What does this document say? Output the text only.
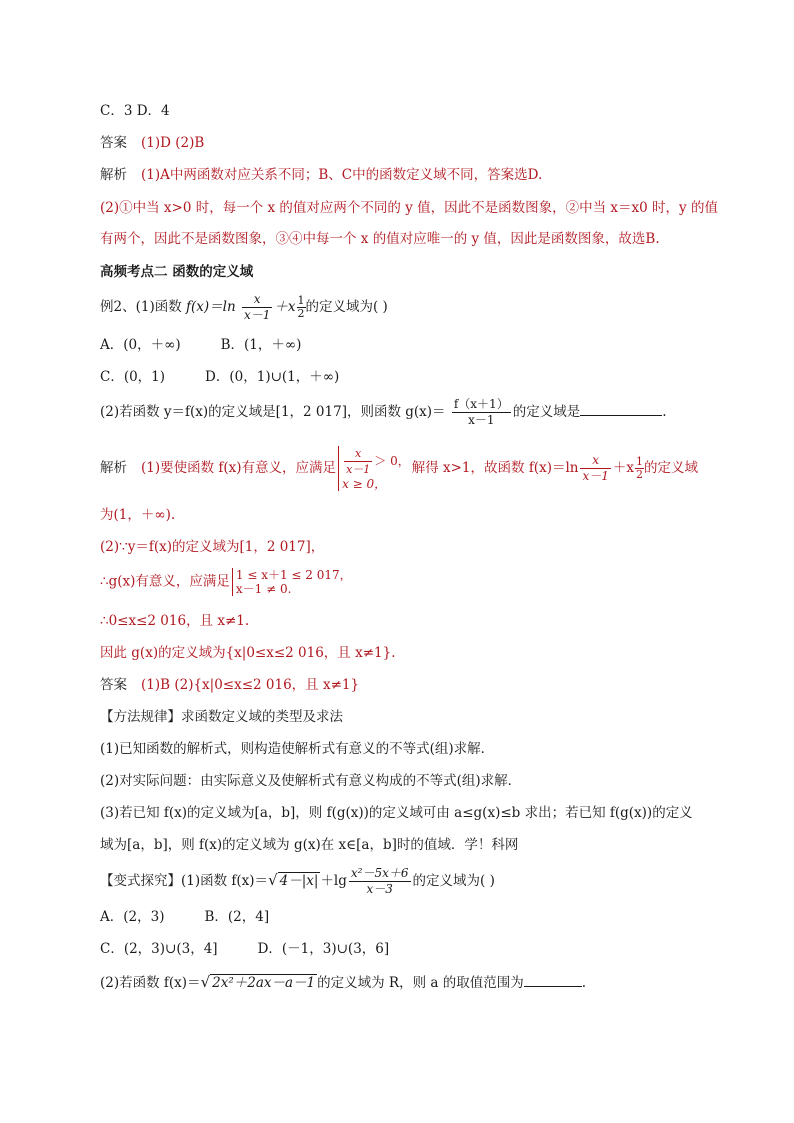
C．3 D．4
答案 (1)D (2)B
解析 (1)A中两函数对应关系不同；B、C中的函数定义域不同，答案选D.
(2)①中当 x>0 时，每一个 x 的值对应两个不同的 y 值，因此不是函数图象，②中当 x＝x0 时，y 的值
有两个，因此不是函数图象，③④中每一个 x 的值对应唯一的 y 值，因此是函数图象，故选B.
高频考点二 函数的定义域
例2、(1)函数 $f(x)=\ln \frac{x}{x-1} +x \frac{1}{2}$ 的定义域为( )
A．(0，＋∞)	B．(1，＋∞)
C．(0，1)	D．(0，1)∪(1，＋∞)
(2)若函数 y＝f(x)的定义域是[1，2 017]，则函数 $g(x)= \frac{f(x+1)}{x-1}$ 的定义域是	.
解析 (1)要使函数 f(x)有意义，应满足 $\frac{x}{x-1} > 0$，
x ≥ 0，
解得 x>1，故函数 $f(x)=\ln \frac{x}{x-1} +x \frac{1}{2}$ 的定义域
为(1，＋∞).
(2)∵y＝f(x)的定义域为[1，2 017]，
∴g(x)有意义，应满足 1 ≤ x＋1 ≤ 2 017，
x－1 ≠ 0.
∴0≤x≤2 016，且 x≠1.
因此 g(x)的定义域为{x|0≤x≤2 016，且 x≠1}.
答案 (1)B (2){x|0≤x≤2 016，且 x≠1}
【方法规律】求函数定义域的类型及求法
(1)已知函数的解析式，则构造使解析式有意义的不等式(组)求解．
(2)对实际问题：由实际意义及使解析式有意义构成的不等式(组)求解．
(3)若已知 f(x)的定义域为[a，b]，则 f(g(x))的定义域可由 a≤g(x)≤b 求出；若已知 f(g(x))的定义
域为[a，b]，则 f(x)的定义域为 g(x)在 x∈[a，b]时的值域．学！科网
【变式探究】(1)函数 f(x)＝√ $4-|x| +\lg \frac{\text{x²－5x＋6}}{x-3}$ 的定义域为( )
A．(2，3)	B．(2，4]
C．(2，3)∪(3，4]	D．(－1，3)∪(3，6]
(2)若函数 f(x)＝√ 2x²＋2ax－a－1 的定义域为 R，则 a 的取值范围为	.
